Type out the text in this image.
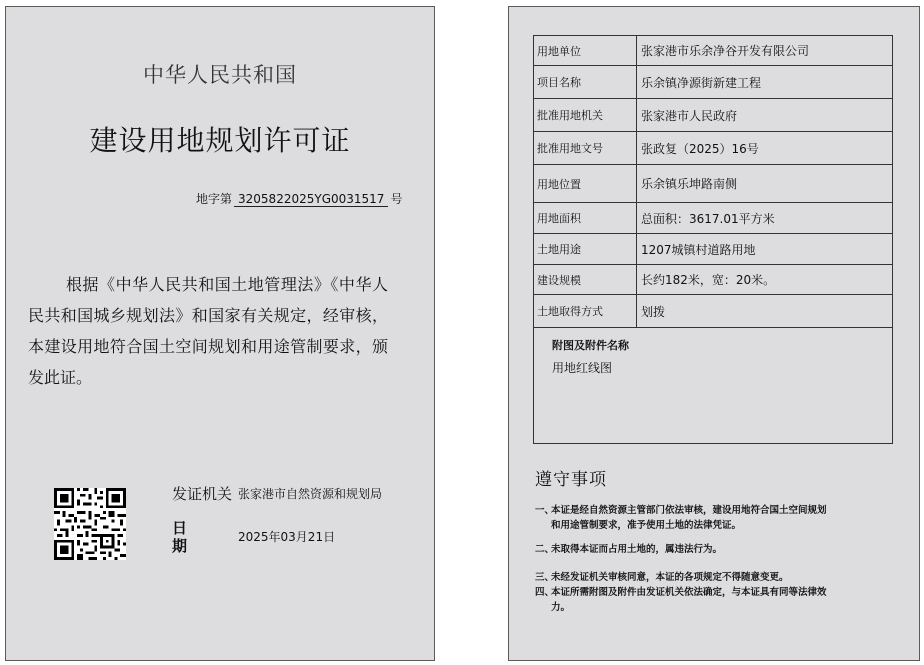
中华人民共和国
建设用地规划许可证
地字第 3205822025YG0031517 号
根据《中华人民共和国土地管理法》《中华人民共和国城乡规划法》和国家有关规定，经审核，本建设用地符合国土空间规划和用途管制要求，颁发此证。
发证机关 张家港市自然资源和规划局
日期	2025年03月21日
用地单位	张家港市乐余净谷开发有限公司
项目名称	乐余镇净源街新建工程
批准用地机关	张家港市人民政府
批准用地文号	张政复（2025）16号
用地位置	乐余镇乐坤路南侧
用地面积	总面积：3617.01平方米
土地用途	1207城镇村道路用地
建设规模	长约182米，宽：20米。
土地取得方式	划拨
附图及附件名称
用地红线图
遵守事项
一、本证是经自然资源主管部门依法审核，建设用地符合国土空间规划
和用途管制要求，准予使用土地的法律凭证。
二、未取得本证而占用土地的，属违法行为。
三、未经发证机关审核同意，本证的各项规定不得随意变更。
四、本证所需附图及附件由发证机关依法确定，与本证具有同等法律效
力。
